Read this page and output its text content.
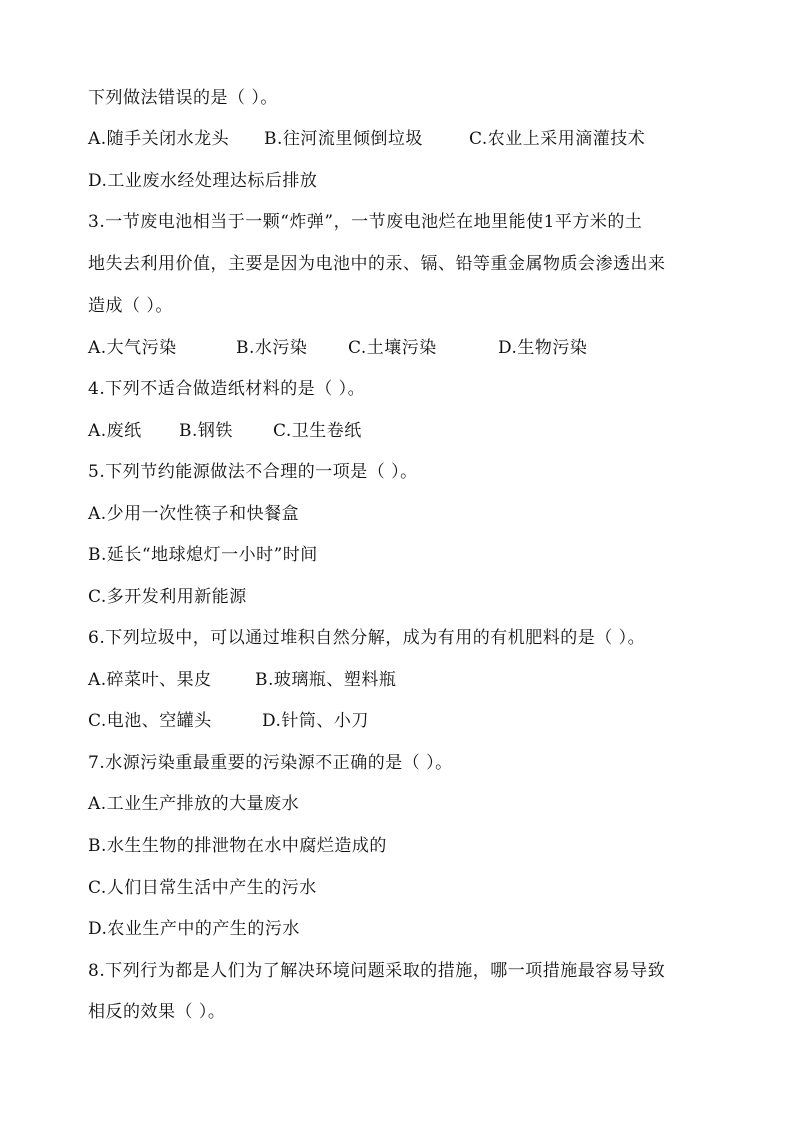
下列做法错误的是（ ）。
A.随手关闭水龙头 B.往河流里倾倒垃圾	C.农业上采用滴灌技术
D.工业废水经处理达标后排放
3.一节废电池相当于一颗“炸弹”，一节废电池烂在地里能使1平方米的土
地失去利用价值，主要是因为电池中的汞、镉、铅等重金属物质会渗透出来
造成（ ）。
A.大气污染	B.水污染 C.土壤污染	D.生物污染
4.下列不适合做造纸材料的是（ ）。
A.废纸 B.钢铁 C.卫生卷纸
5.下列节约能源做法不合理的一项是（ ）。
A.少用一次性筷子和快餐盒
B.延长“地球熄灯一小时”时间
C.多开发利用新能源
6.下列垃圾中，可以通过堆积自然分解，成为有用的有机肥料的是（ ）。
A.碎菜叶、果皮	B.玻璃瓶、塑料瓶
C.电池、空罐头	D.针筒、小刀
7.水源污染重最重要的污染源不正确的是（ ）。
A.工业生产排放的大量废水
B.水生生物的排泄物在水中腐烂造成的
C.人们日常生活中产生的污水
D.农业生产中的产生的污水
8.下列行为都是人们为了解决环境问题采取的措施，哪一项措施最容易导致
相反的效果（ ）。
